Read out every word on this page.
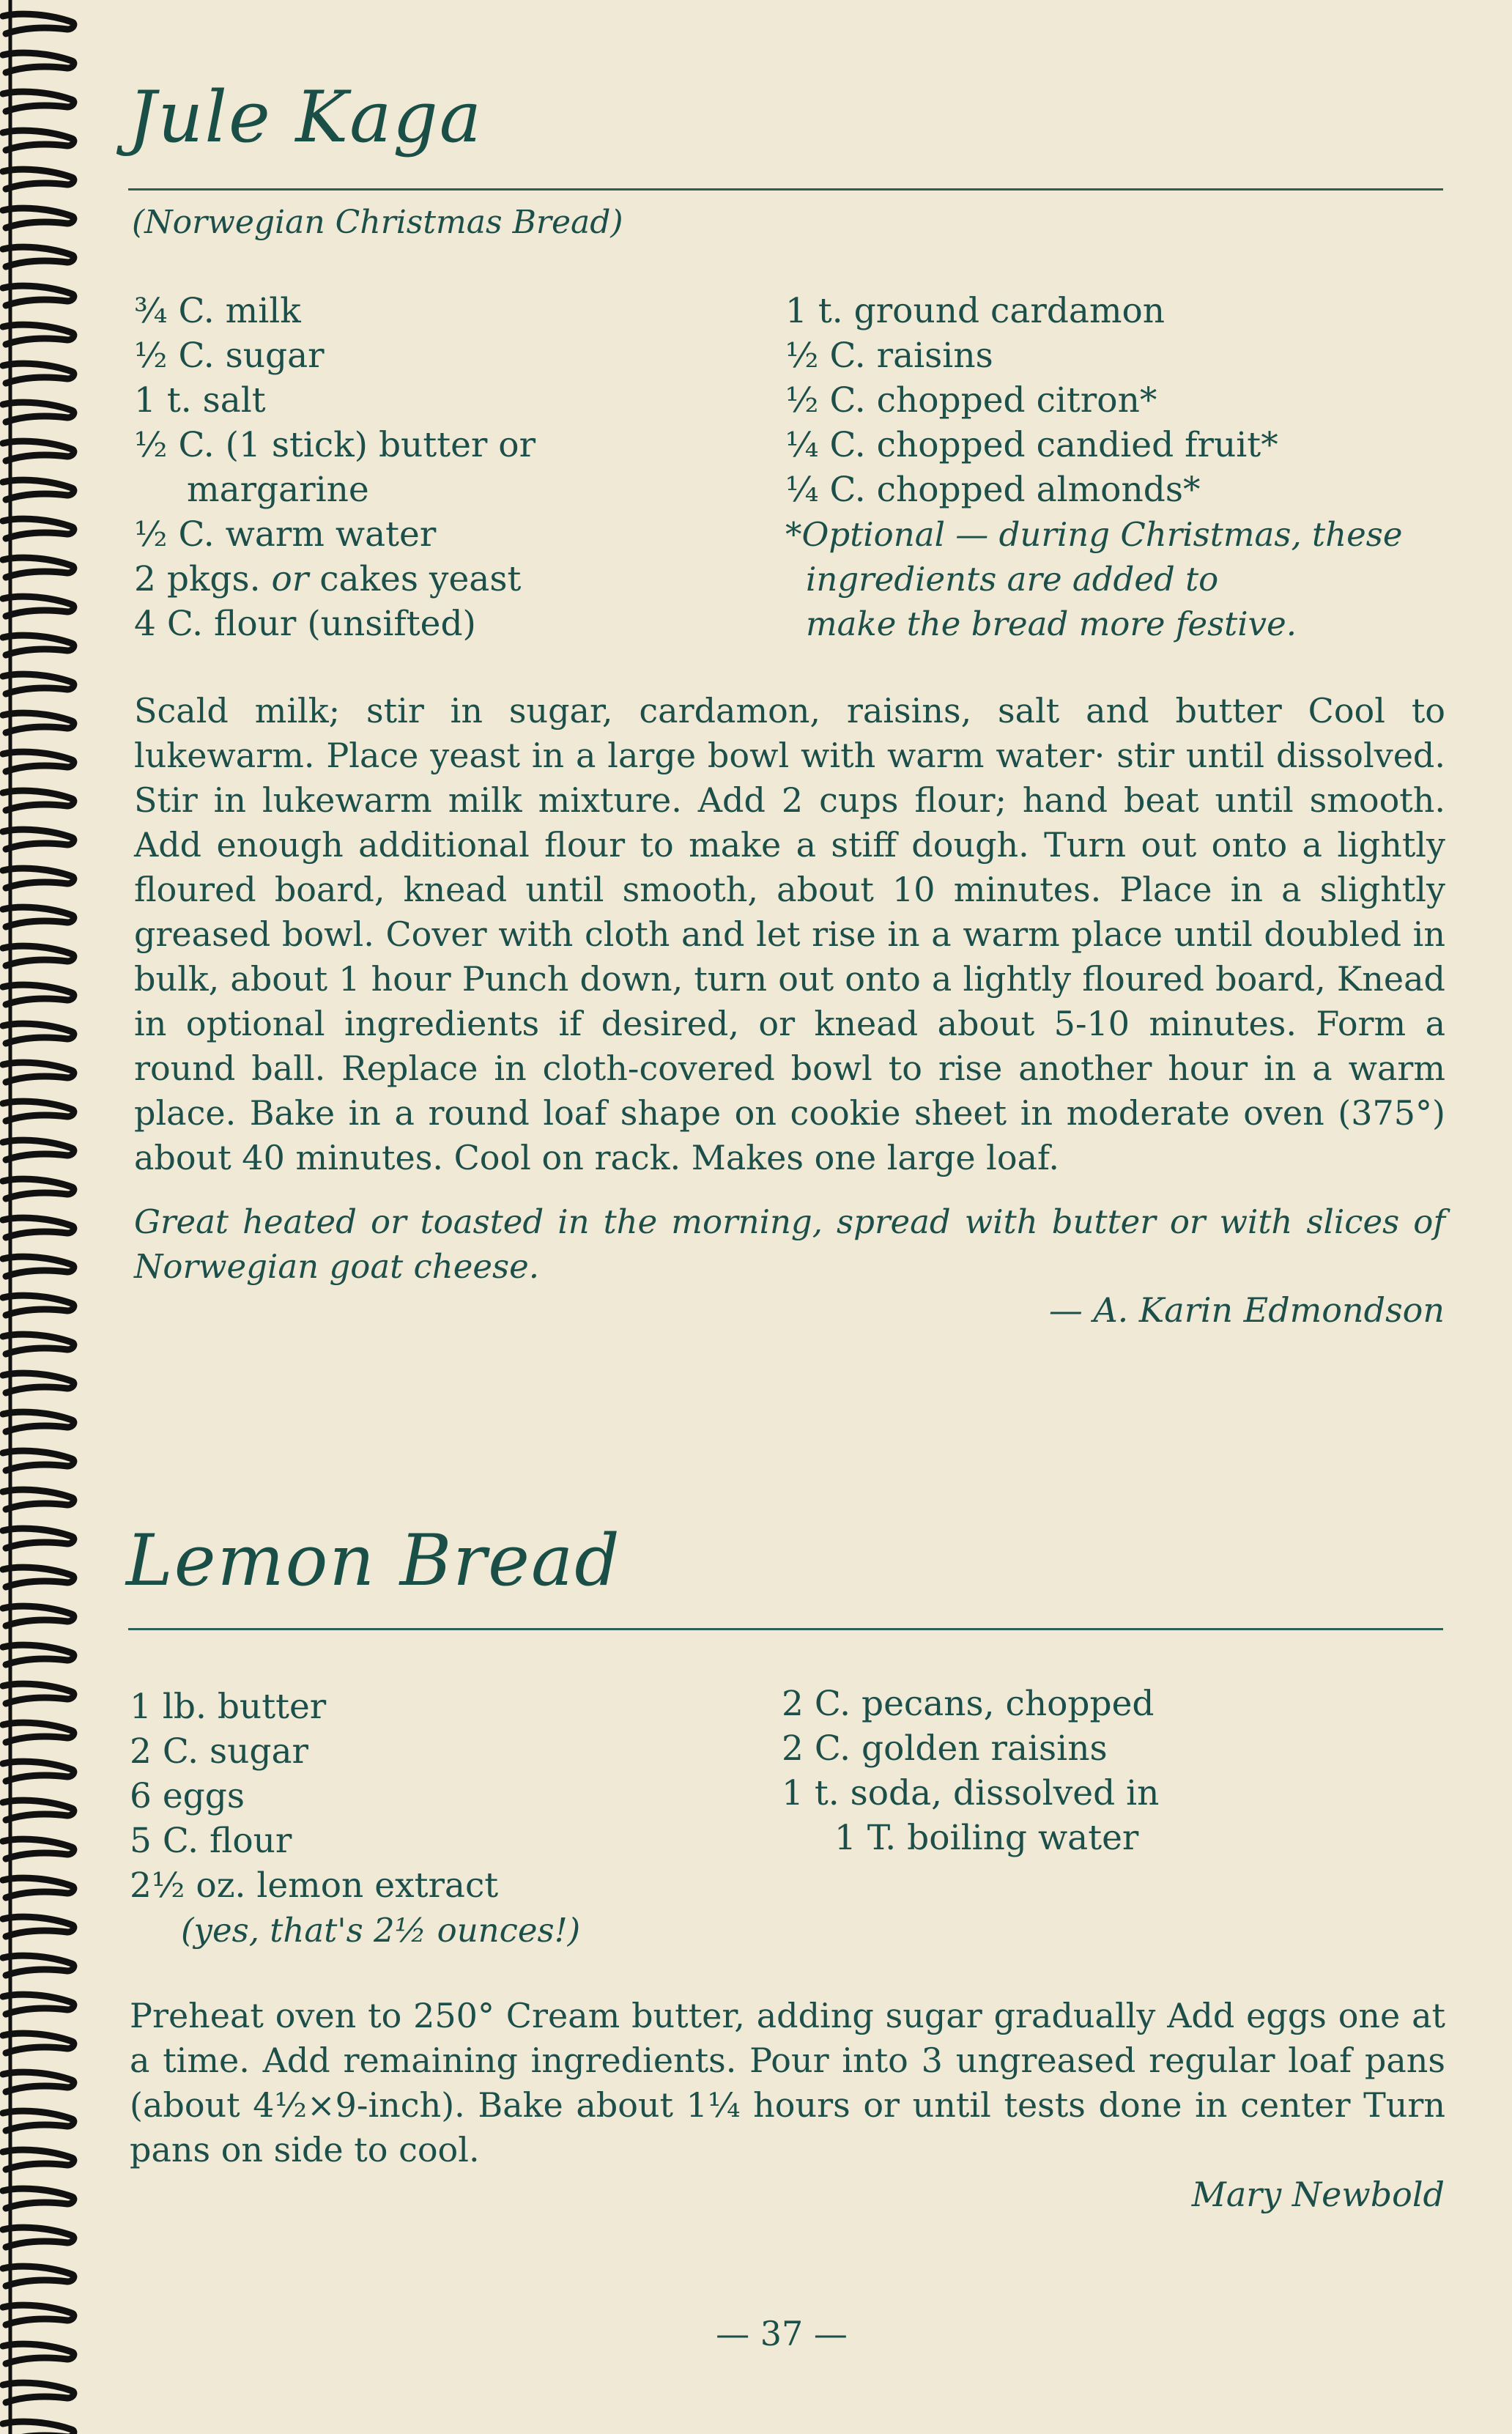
Jule Kaga
(Norwegian Christmas Bread)
¾ C. milk
½ C. sugar
1 t. salt
½ C. (1 stick) butter or
margarine
½ C. warm water
2 pkgs. or cakes yeast
4 C. flour (unsifted)
1 t. ground cardamon
½ C. raisins
½ C. chopped citron*
¼ C. chopped candied fruit*
¼ C. chopped almonds*
*Optional — during Christmas, these
ingredients are added to
make the bread more festive.
Scald milk; stir in sugar, cardamon, raisins, salt and butter Cool to lukewarm. Place yeast in a large bowl with warm water· stir until dissolved. Stir in lukewarm milk mixture. Add 2 cups flour; hand beat until smooth. Add enough additional flour to make a stiff dough. Turn out onto a lightly floured board, knead until smooth, about 10 minutes. Place in a slightly greased bowl. Cover with cloth and let rise in a warm place until doubled in bulk, about 1 hour Punch down, turn out onto a lightly floured board, Knead in optional ingredients if desired, or knead about 5-10 minutes. Form a round ball. Replace in cloth-covered bowl to rise another hour in a warm place. Bake in a round loaf shape on cookie sheet in moderate oven (375°) about 40 minutes. Cool on rack. Makes one large loaf.
Great heated or toasted in the morning, spread with butter or with slices of Norwegian goat cheese.
— A. Karin Edmondson
Lemon Bread
1 lb. butter
2 C. sugar
6 eggs
5 C. flour
2½ oz. lemon extract
(yes, that's 2½ ounces!)
2 C. pecans, chopped
2 C. golden raisins
1 t. soda, dissolved in
1 T. boiling water
Preheat oven to 250° Cream butter, adding sugar gradually Add eggs one at a time. Add remaining ingredients. Pour into 3 ungreased regular loaf pans (about 4½×9-inch). Bake about 1¼ hours or until tests done in center Turn pans on side to cool.
Mary Newbold
— 37 —
